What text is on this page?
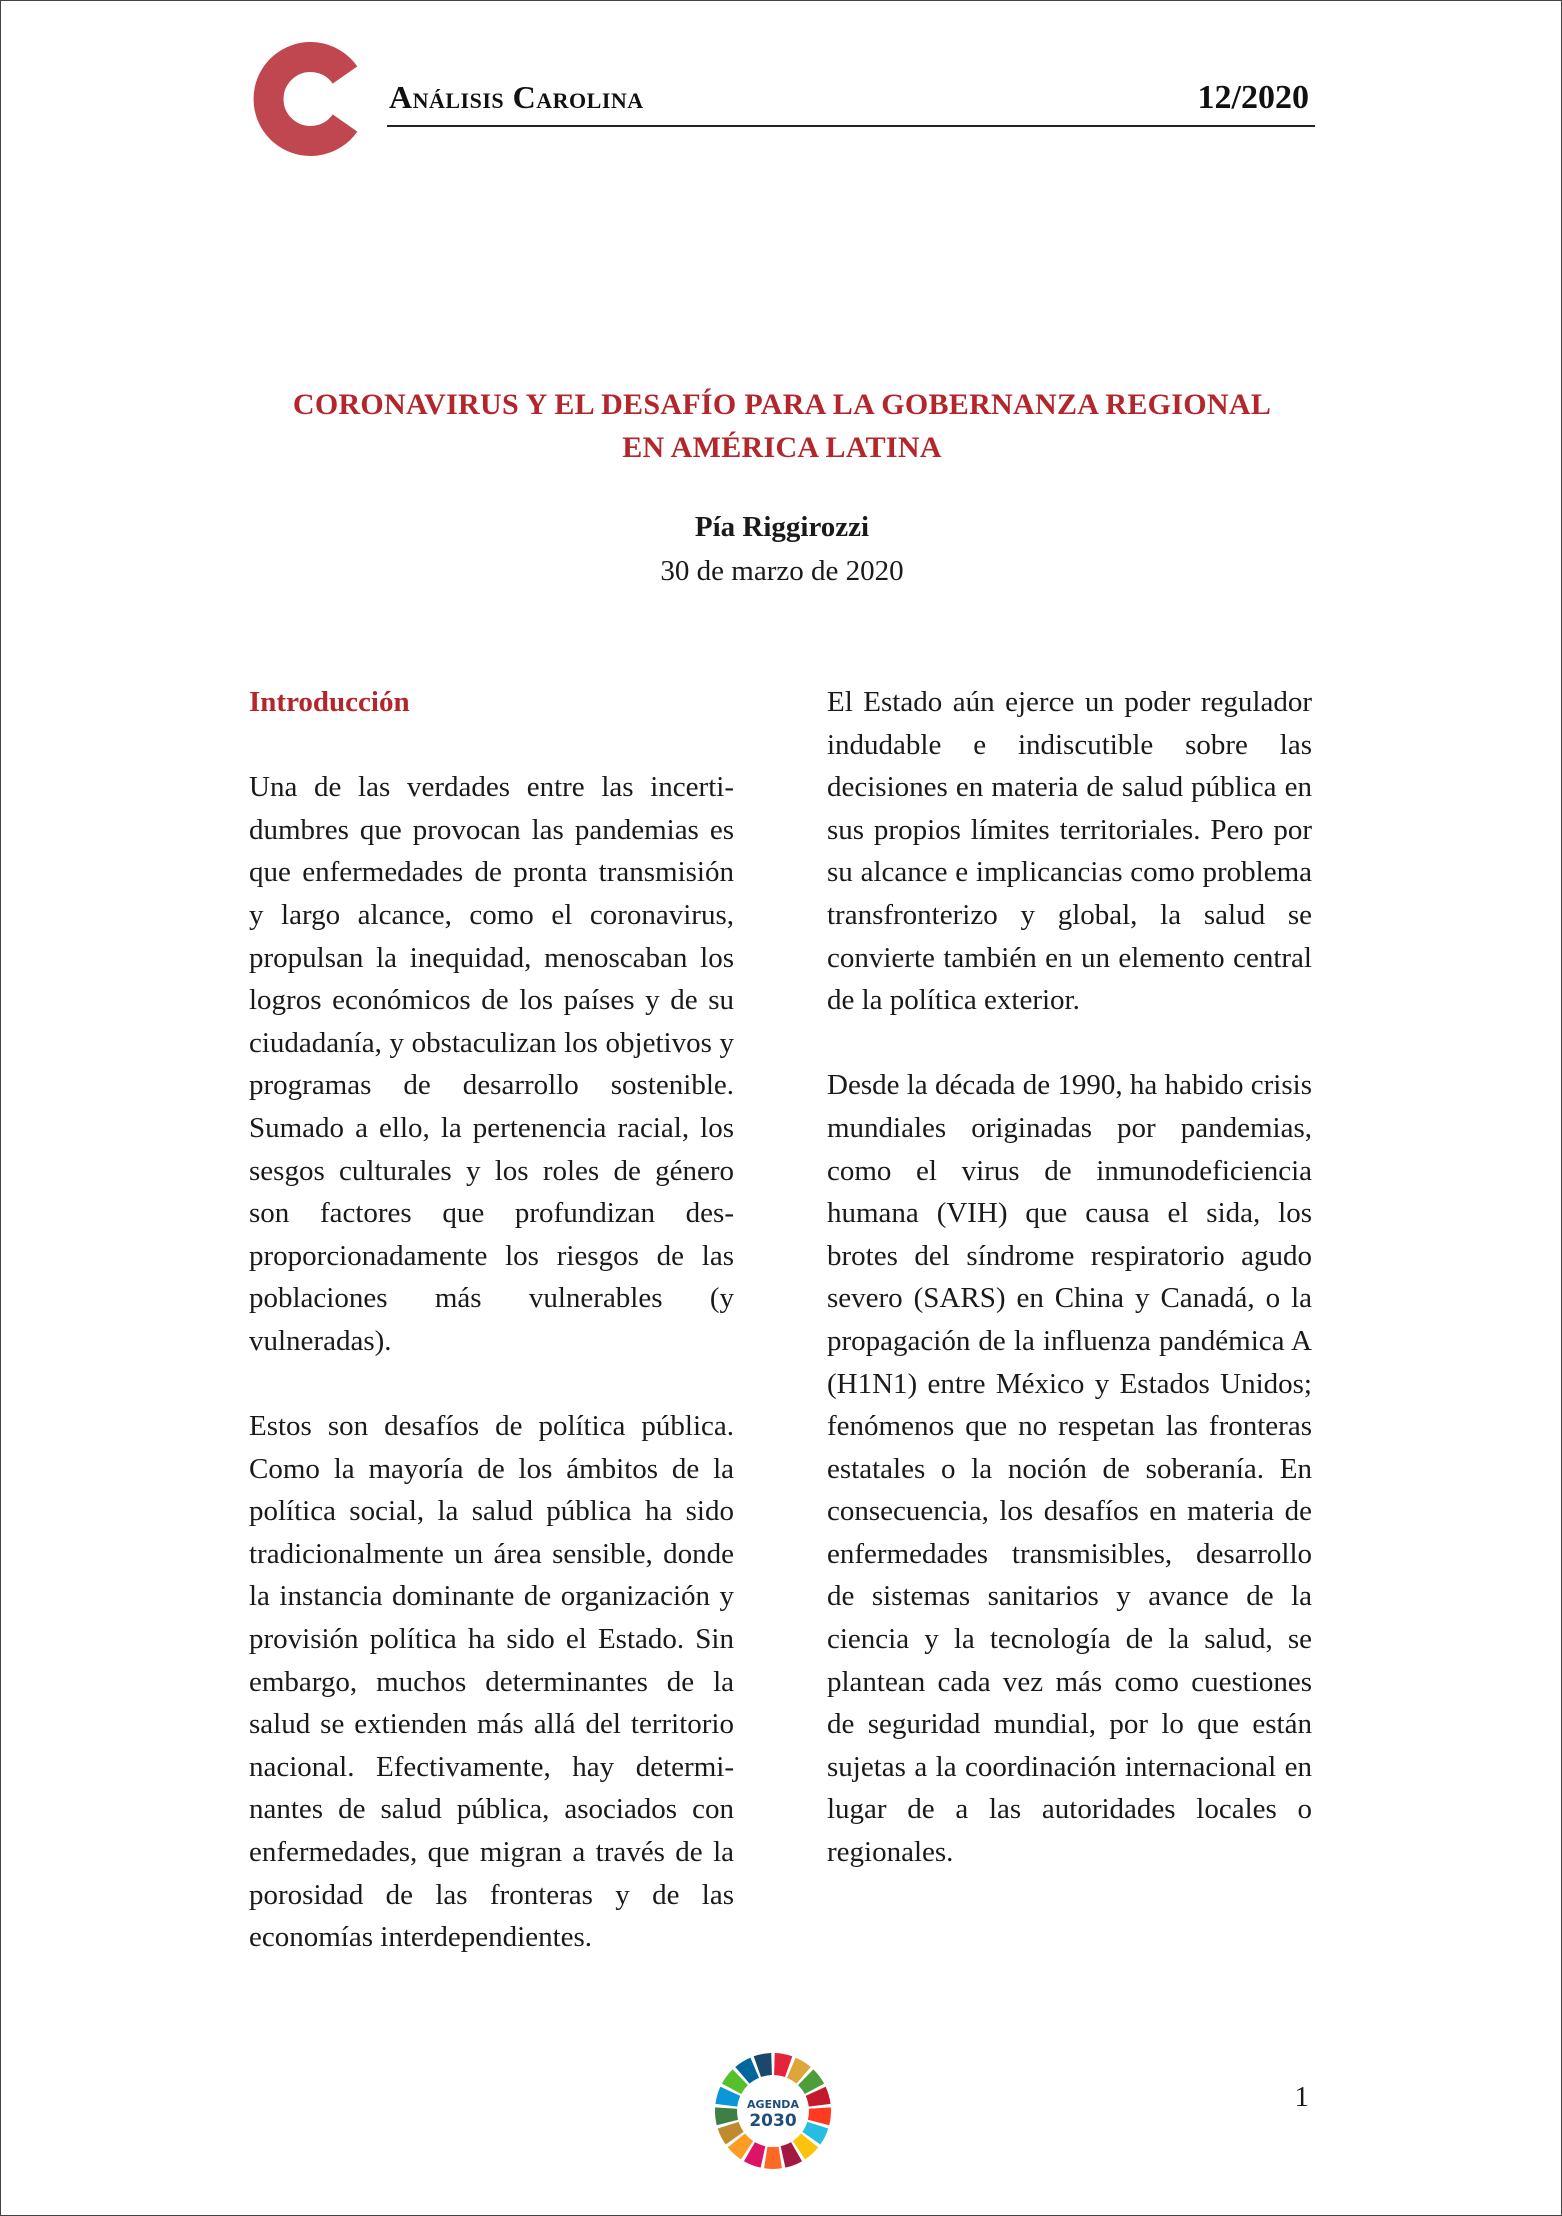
Análisis Carolina	12/2020
CORONAVIRUS Y EL DESAFÍO PARA LA GOBERNANZA REGIONAL
EN AMÉRICA LATINA
Pía Riggirozzi
30 de marzo de 2020

Introducción

Una de las verdades entre las incertidumbres que provocan las pandemias es que enfermedades de pronta transmisión y largo alcance, como el coronavirus, propulsan la inequidad, menoscaban los logros económicos de los países y de su ciudadanía, y obstaculizan los objetivos y programas de desarrollo sostenible. Sumado a ello, la pertenencia racial, los sesgos culturales y los roles de género son factores que profundizan desproporcionadamente los riesgos de las poblaciones más vulnerables (y vulneradas).

Estos son desafíos de política pública. Como la mayoría de los ámbitos de la política social, la salud pública ha sido tradicionalmente un área sensible, donde la instancia dominante de organización y provisión política ha sido el Estado. Sin embargo, muchos determinantes de la salud se extienden más allá del territorio nacional. Efectivamente, hay determinantes de salud pública, asociados con enfermedades, que migran a través de la porosidad de las fronteras y de las economías interdependientes.

El Estado aún ejerce un poder regulador indudable e indiscutible sobre las decisiones en materia de salud pública en sus propios límites territoriales. Pero por su alcance e implicancias como problema transfronterizo y global, la salud se convierte también en un elemento central de la política exterior.

Desde la década de 1990, ha habido crisis mundiales originadas por pandemias, como el virus de inmunodeficiencia humana (VIH) que causa el sida, los brotes del síndrome respiratorio agudo severo (SARS) en China y Canadá, o la propagación de la influenza pandémica A (H1N1) entre México y Estados Unidos; fenómenos que no respetan las fronteras estatales o la noción de soberanía. En consecuencia, los desafíos en materia de enfermedades transmisibles, desarrollo de sistemas sanitarios y avance de la ciencia y la tecnología de la salud, se plantean cada vez más como cuestiones de seguridad mundial, por lo que están sujetas a la coordinación internacional en lugar de a las autoridades locales o regionales.

AGENDA
2030
1
